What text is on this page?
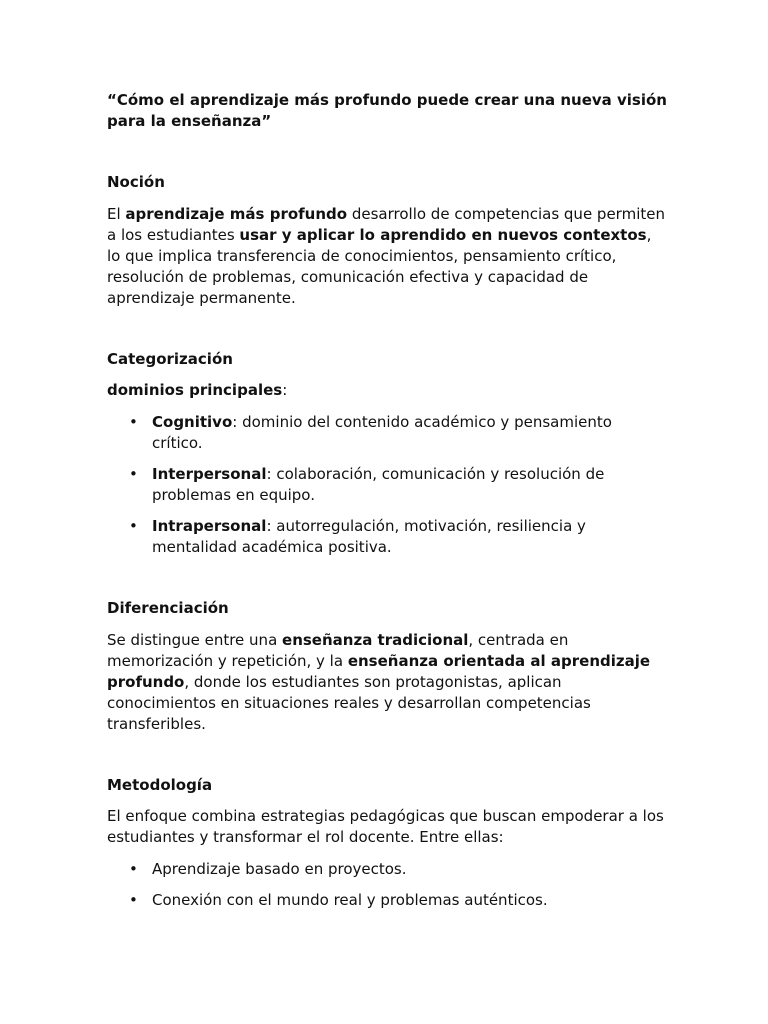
“Cómo el aprendizaje más profundo puede crear una nueva visión para la enseñanza”

Noción

El aprendizaje más profundo desarrollo de competencias que permiten a los estudiantes usar y aplicar lo aprendido en nuevos contextos, lo que implica transferencia de conocimientos, pensamiento crítico, resolución de problemas, comunicación efectiva y capacidad de aprendizaje permanente.

Categorización

dominios principales:

• Cognitivo: dominio del contenido académico y pensamiento crítico.
• Interpersonal: colaboración, comunicación y resolución de problemas en equipo.
• Intrapersonal: autorregulación, motivación, resiliencia y mentalidad académica positiva.

Diferenciación

Se distingue entre una enseñanza tradicional, centrada en memorización y repetición, y la enseñanza orientada al aprendizaje profundo, donde los estudiantes son protagonistas, aplican conocimientos en situaciones reales y desarrollan competencias transferibles.

Metodología

El enfoque combina estrategias pedagógicas que buscan empoderar a los estudiantes y transformar el rol docente. Entre ellas:

• Aprendizaje basado en proyectos.
• Conexión con el mundo real y problemas auténticos.
